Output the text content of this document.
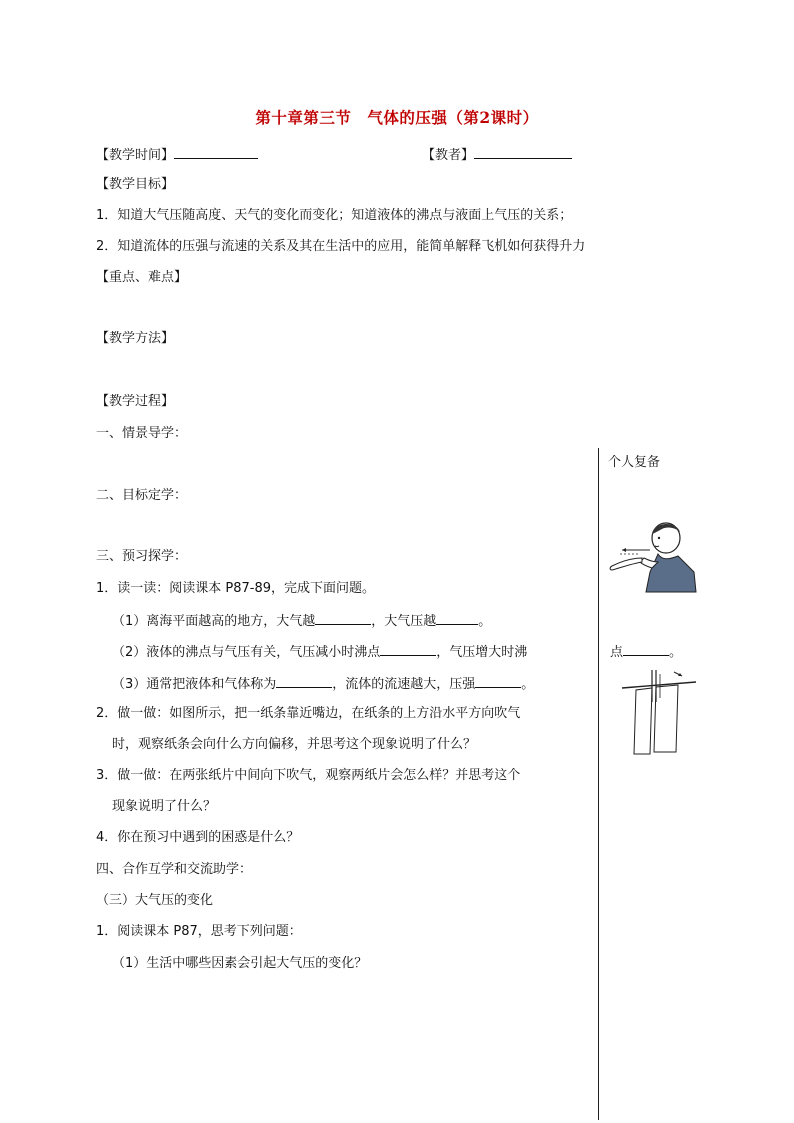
第十章第三节　气体的压强（第2课时）
【教学时间】	【教者】
【教学目标】
1．知道大气压随高度、天气的变化而变化；知道液体的沸点与液面上气压的关系；
2．知道流体的压强与流速的关系及其在生活中的应用，能简单解释飞机如何获得升力
【重点、难点】
【教学方法】
【教学过程】
一、情景导学：
二、目标定学：
三、预习探学：
1．读一读：阅读课本 P87-89，完成下面问题。
（1）离海平面越高的地方，大气越	，大气压越	。
（2）液体的沸点与气压有关，气压减小时沸点	，气压增大时沸	点	。
（3）通常把液体和气体称为	，流体的流速越大，压强	。
2．做一做：如图所示，把一纸条靠近嘴边，在纸条的上方沿水平方向吹气
时，观察纸条会向什么方向偏移，并思考这个现象说明了什么？
3．做一做：在两张纸片中间向下吹气，观察两纸片会怎么样？并思考这个
现象说明了什么？
4．你在预习中遇到的困惑是什么？
四、合作互学和交流助学：
（三）大气压的变化
1．阅读课本 P87，思考下列问题：
（1）生活中哪些因素会引起大气压的变化？
个人复备
